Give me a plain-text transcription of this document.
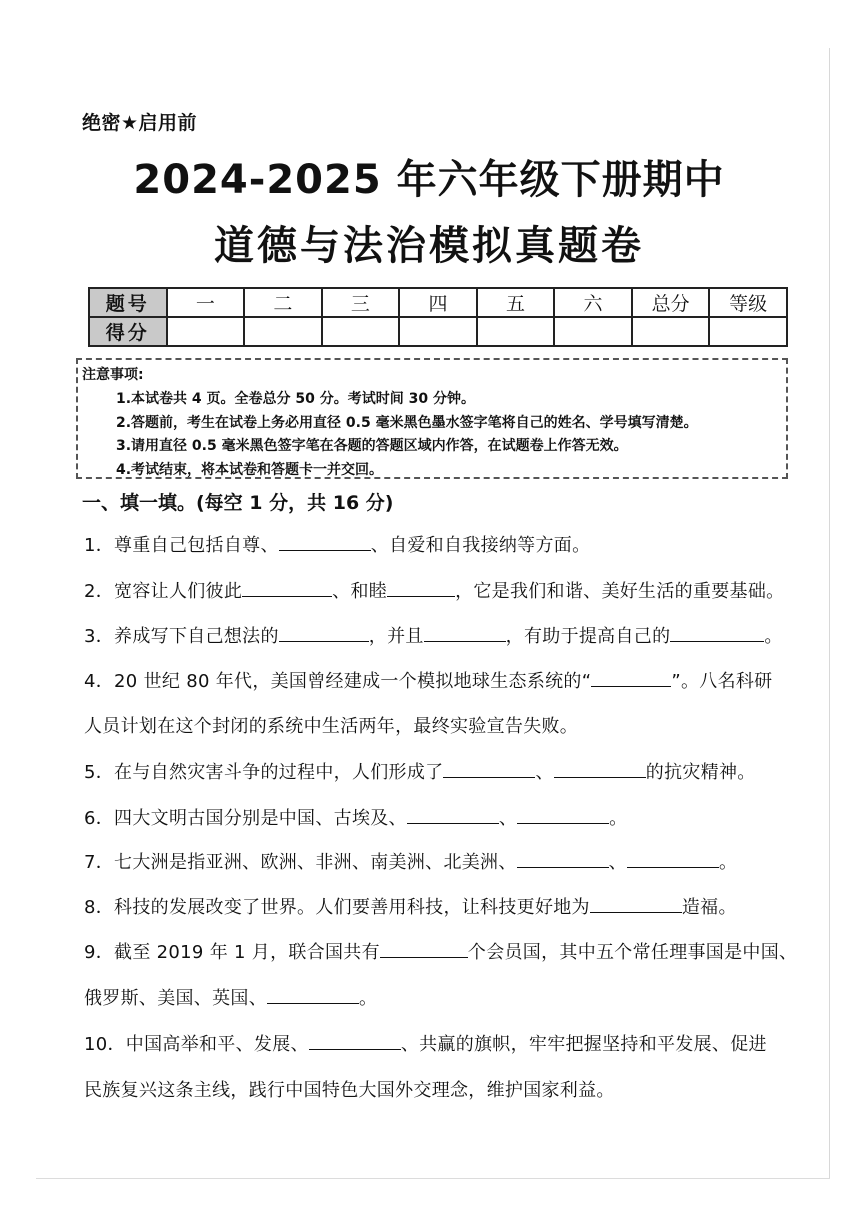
绝密★启用前
2024-2025 年六年级下册期中
道德与法治模拟真题卷
题号	一	二	三	四	五	六	总分	等级
得分								
注意事项:
1.本试卷共 4 页。全卷总分 50 分。考试时间 30 分钟。
2.答题前，考生在试卷上务必用直径 0.5 毫米黑色墨水签字笔将自己的姓名、学号填写清楚。
3.请用直径 0.5 毫米黑色签字笔在各题的答题区域内作答，在试题卷上作答无效。
4.考试结束，将本试卷和答题卡一并交回。
一、填一填。(每空 1 分，共 16 分)
1．尊重自己包括自尊、	、自爱和自我接纳等方面。
2．宽容让人们彼此	、和睦	，它是我们和谐、美好生活的重要基础。
3．养成写下自己想法的	，并且	，有助于提高自己的	。
4．20 世纪 80 年代，美国曾经建成一个模拟地球生态系统的“	”。八名科研
人员计划在这个封闭的系统中生活两年，最终实验宣告失败。
5．在与自然灾害斗争的过程中，人们形成了	、	的抗灾精神。
6．四大文明古国分别是中国、古埃及、	、	。
7．七大洲是指亚洲、欧洲、非洲、南美洲、北美洲、	、	。
8．科技的发展改变了世界。人们要善用科技，让科技更好地为	造福。
9．截至 2019 年 1 月，联合国共有	个会员国，其中五个常任理事国是中国、
俄罗斯、美国、英国、	。
10．中国高举和平、发展、	、共赢的旗帜，牢牢把握坚持和平发展、促进
民族复兴这条主线，践行中国特色大国外交理念，维护国家利益。
